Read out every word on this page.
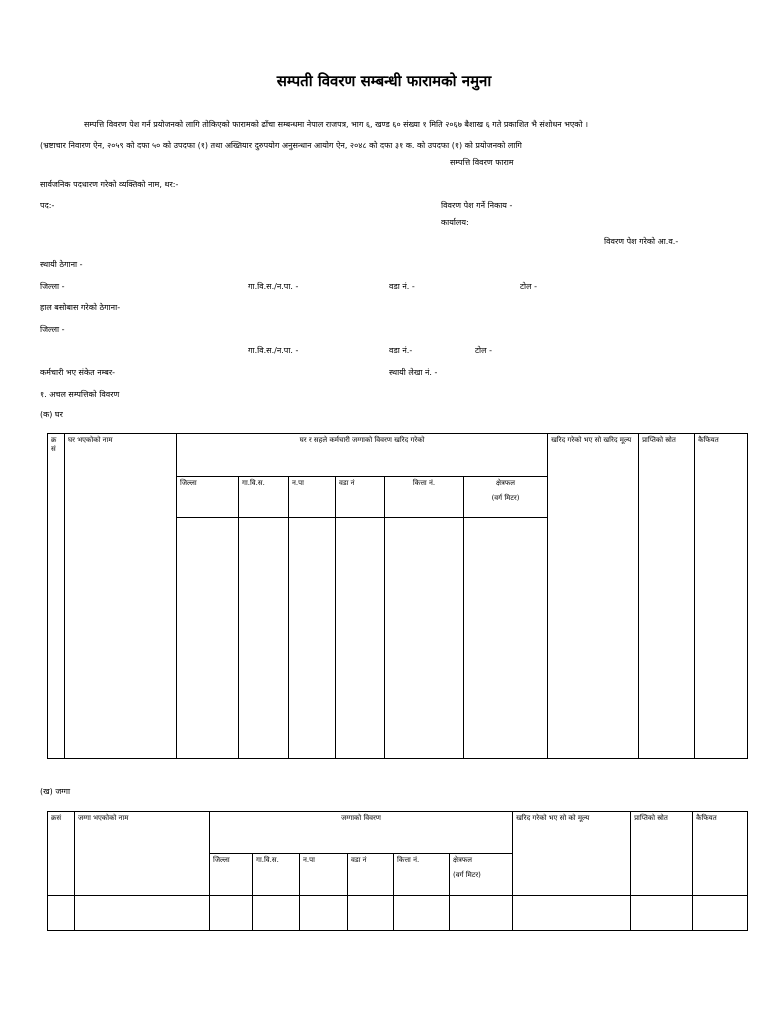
सम्पती विवरण सम्बन्धी फारामको नमुना
सम्पत्ति विवरण पेश गर्न प्रयोजनको लागि तोकिएको फारामको ढाँचा सम्बन्धमा नेपाल राजपत्र, भाग ६, खण्ड ६० संख्या १ मिति २०६७ बैशाख ६ गते प्रकाशित भै संशोधन भएको ।
(भ्रष्टाचार निवारण ऐन, २०५९ को दफा ५० को उपदफा (१) तथा अख्तियार दुरुपयोग अनुसन्धान आयोग ऐन, २०४८ को दफा ३१ क. को उपदफा (१) को प्रयोजनको लागि
सम्पत्ति विवरण फाराम
सार्वजनिक पदधारण गरेको व्यक्तिको नाम, थर:-
पद:-	विवरण पेश गर्ने निकाय -
कार्यालय:
विवरण पेश गरेको आ.व.-
स्थायी ठेगाना -
जिल्ला -	गा.वि.स./न.पा. -	वडा नं. -	टोल -
हाल बसोबास गरेको ठेगाना-
जिल्ला -
गा.वि.स./न.पा. -	वडा नं.-	टोल -
कर्मचारी भए संकेत नम्बर-	स्थायी लेखा नं. -
१. अचल सम्पत्तिको विवरण
(क) घर
क्र सं	घर भएकोको नाम	घर र सहले कर्मचारी जग्गाको विवरण खरिद गरेको						खरिद गरेको भए सो खरिद मूल्य	प्राप्तिको स्रोत	कैफियत
		जिल्ला	गा.वि.स.	न.पा	वडा नं	कित्ता नं.	क्षेत्रफल
(वर्ग मिटर)			

(ख) जग्गा
क्रसं	जग्गा भएकोको नाम	जग्गाको विवरण						खरिद गरेको भए सो को मूल्य	प्राप्तिको स्रोत	कैफियत
		जिल्ला	गा.वि.स.	न.पा	वडा नं	कित्ता नं.	क्षेत्रफल
(वर्ग मिटर)			
